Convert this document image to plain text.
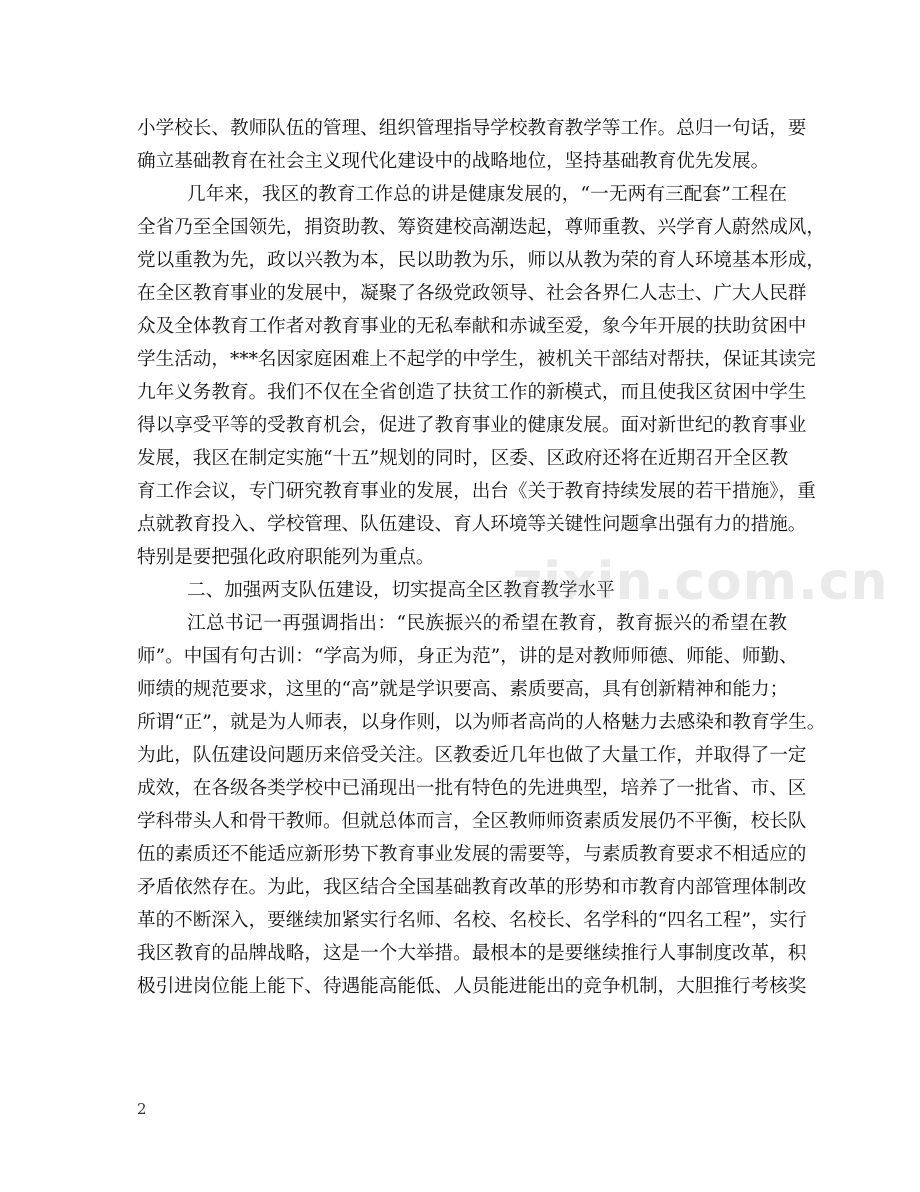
小学校长、教师队伍的管理、组织管理指导学校教育教学等工作。总归一句话，要
确立基础教育在社会主义现代化建设中的战略地位，坚持基础教育优先发展。
几年来，我区的教育工作总的讲是健康发展的，“一无两有三配套”工程在
全省乃至全国领先，捐资助教、筹资建校高潮迭起，尊师重教、兴学育人蔚然成风，
党以重教为先，政以兴教为本，民以助教为乐，师以从教为荣的育人环境基本形成，
在全区教育事业的发展中，凝聚了各级党政领导、社会各界仁人志士、广大人民群
众及全体教育工作者对教育事业的无私奉献和赤诚至爱，象今年开展的扶助贫困中
学生活动，***名因家庭困难上不起学的中学生，被机关干部结对帮扶，保证其读完
九年义务教育。我们不仅在全省创造了扶贫工作的新模式，而且使我区贫困中学生
得以享受平等的受教育机会，促进了教育事业的健康发展。面对新世纪的教育事业
发展，我区在制定实施“十五”规划的同时，区委、区政府还将在近期召开全区教
育工作会议，专门研究教育事业的发展，出台《关于教育持续发展的若干措施》，重
点就教育投入、学校管理、队伍建设、育人环境等关键性问题拿出强有力的措施。
特别是要把强化政府职能列为重点。
二、加强两支队伍建设，切实提高全区教育教学水平
江总书记一再强调指出：“民族振兴的希望在教育，教育振兴的希望在教
师”。中国有句古训：“学高为师，身正为范”，讲的是对教师师德、师能、师勤、
师绩的规范要求，这里的“高”就是学识要高、素质要高，具有创新精神和能力；
所谓“正”，就是为人师表，以身作则，以为师者高尚的人格魅力去感染和教育学生。
为此，队伍建设问题历来倍受关注。区教委近几年也做了大量工作，并取得了一定
成效，在各级各类学校中已涌现出一批有特色的先进典型，培养了一批省、市、区
学科带头人和骨干教师。但就总体而言，全区教师师资素质发展仍不平衡，校长队
伍的素质还不能适应新形势下教育事业发展的需要等，与素质教育要求不相适应的
矛盾依然存在。为此，我区结合全国基础教育改革的形势和市教育内部管理体制改
革的不断深入，要继续加紧实行名师、名校、名校长、名学科的“四名工程”，实行
我区教育的品牌战略，这是一个大举措。最根本的是要继续推行人事制度改革，积
极引进岗位能上能下、待遇能高能低、人员能进能出的竞争机制，大胆推行考核奖
zixin.com.cn
2
